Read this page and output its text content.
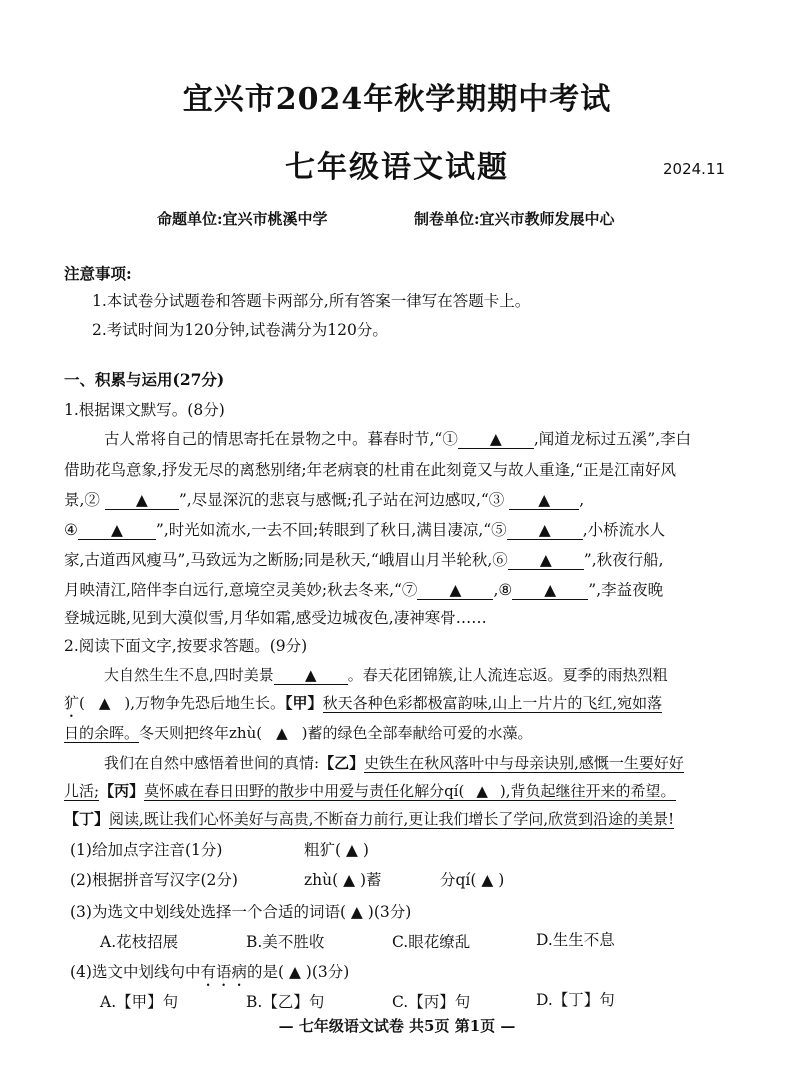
宜兴市2024年秋学期期中考试
七年级语文试题	2024.11
命题单位:宜兴市桃溪中学	制卷单位:宜兴市教师发展中心
注意事项:
1.本试卷分试题卷和答题卡两部分,所有答案一律写在答题卡上。
2.考试时间为120分钟,试卷满分为120分。
一、积累与运用(27分)
1.根据课文默写。(8分)
古人常将自己的情思寄托在景物之中。暮春时节,“① ▲ ,闻道龙标过五溪”,李白
借助花鸟意象,抒发无尽的离愁别绪;年老病衰的杜甫在此刻竟又与故人重逢,“正是江南好风
景,② ▲ ”,尽显深沉的悲哀与感慨;孔子站在河边感叹,“③ ▲ ,
④ ▲ ”,时光如流水,一去不回;转眼到了秋日,满目凄凉,“⑤ ▲ ,小桥流水人
家,古道西风瘦马”,马致远为之断肠;同是秋天,“峨眉山月半轮秋,⑥ ▲ ”,秋夜行船,
月映清江,陪伴李白远行,意境空灵美妙;秋去冬来,“⑦ ▲ ,⑧ ▲ ”,李益夜晚
登城远眺,见到大漠似雪,月华如霜,感受边城夜色,凄神寒骨……
2.阅读下面文字,按要求答题。(9分)
大自然生生不息,四时美景 ▲ 。春天花团锦簇,让人流连忘返。夏季的雨热烈粗
犷( ▲ ),万物争先恐后地生长。【甲】秋天各种色彩都极富韵味,山上一片片的飞红,宛如落
日的余晖。冬天则把终年zhù( ▲ )蓄的绿色全部奉献给可爱的水藻。
我们在自然中感悟着世间的真情:【乙】史铁生在秋风落叶中与母亲诀别,感慨一生要好好
儿活;【丙】莫怀戚在春日田野的散步中用爱与责任化解分qí( ▲ ),背负起继往开来的希望。
【丁】阅读,既让我们心怀美好与高贵,不断奋力前行,更让我们增长了学问,欣赏到沿途的美景!
(1)给加点字注音(1分)	粗犷( ▲ )
(2)根据拼音写汉字(2分)	zhù( ▲ )蓄	分qí( ▲ )
(3)为选文中划线处选择一个合适的词语( ▲ )(3分)
A.花枝招展	B.美不胜收	C.眼花缭乱	D.生生不息
(4)选文中划线句中有语病的是( ▲ )(3分)
A.【甲】句	B.【乙】句	C.【丙】句	D.【丁】句
— 七年级语文试卷 共5页 第1页 —
